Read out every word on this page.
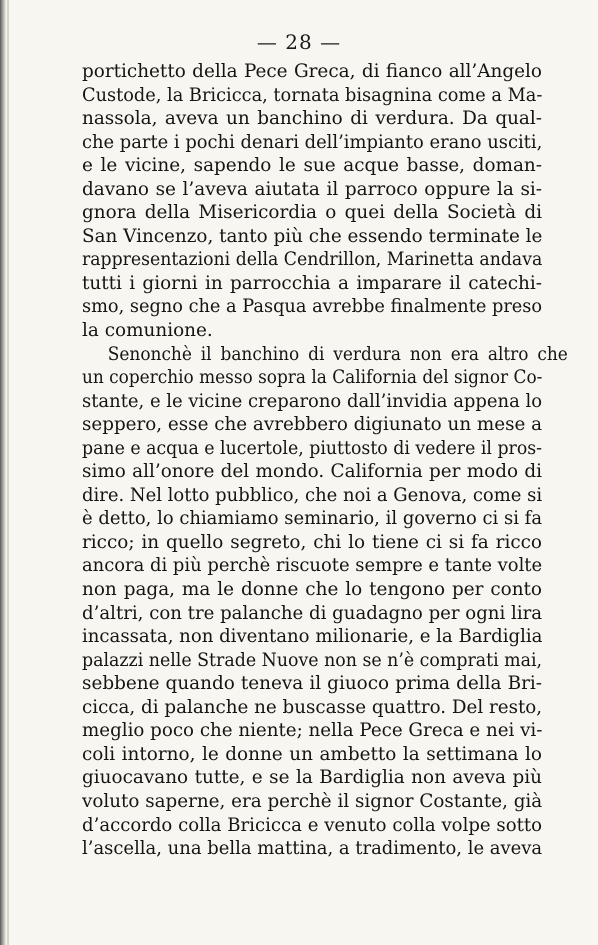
— 28 —
portichetto della Pece Greca, di fianco all’Angelo
Custode, la Bricicca, tornata bisagnina come a Ma-
nassola, aveva un banchino di verdura. Da qual-
che parte i pochi denari dell’impianto erano usciti,
e le vicine, sapendo le sue acque basse, doman-
davano se l’aveva aiutata il parroco oppure la si-
gnora della Misericordia o quei della Società di
San Vincenzo, tanto più che essendo terminate le
rappresentazioni della Cendrillon, Marinetta andava
tutti i giorni in parrocchia a imparare il catechi-
smo, segno che a Pasqua avrebbe finalmente preso
la comunione.
Senonchè il banchino di verdura non era altro che
un coperchio messo sopra la California del signor Co-
stante, e le vicine creparono dall’invidia appena lo
seppero, esse che avrebbero digiunato un mese a
pane e acqua e lucertole, piuttosto di vedere il pros-
simo all’onore del mondo. California per modo di
dire. Nel lotto pubblico, che noi a Genova, come si
è detto, lo chiamiamo seminario, il governo ci si fa
ricco; in quello segreto, chi lo tiene ci si fa ricco
ancora di più perchè riscuote sempre e tante volte
non paga, ma le donne che lo tengono per conto
d’altri, con tre palanche di guadagno per ogni lira
incassata, non diventano milionarie, e la Bardiglia
palazzi nelle Strade Nuove non se n’è comprati mai,
sebbene quando teneva il giuoco prima della Bri-
cicca, di palanche ne buscasse quattro. Del resto,
meglio poco che niente; nella Pece Greca e nei vi-
coli intorno, le donne un ambetto la settimana lo
giuocavano tutte, e se la Bardiglia non aveva più
voluto saperne, era perchè il signor Costante, già
d’accordo colla Bricicca e venuto colla volpe sotto
l’ascella, una bella mattina, a tradimento, le aveva
